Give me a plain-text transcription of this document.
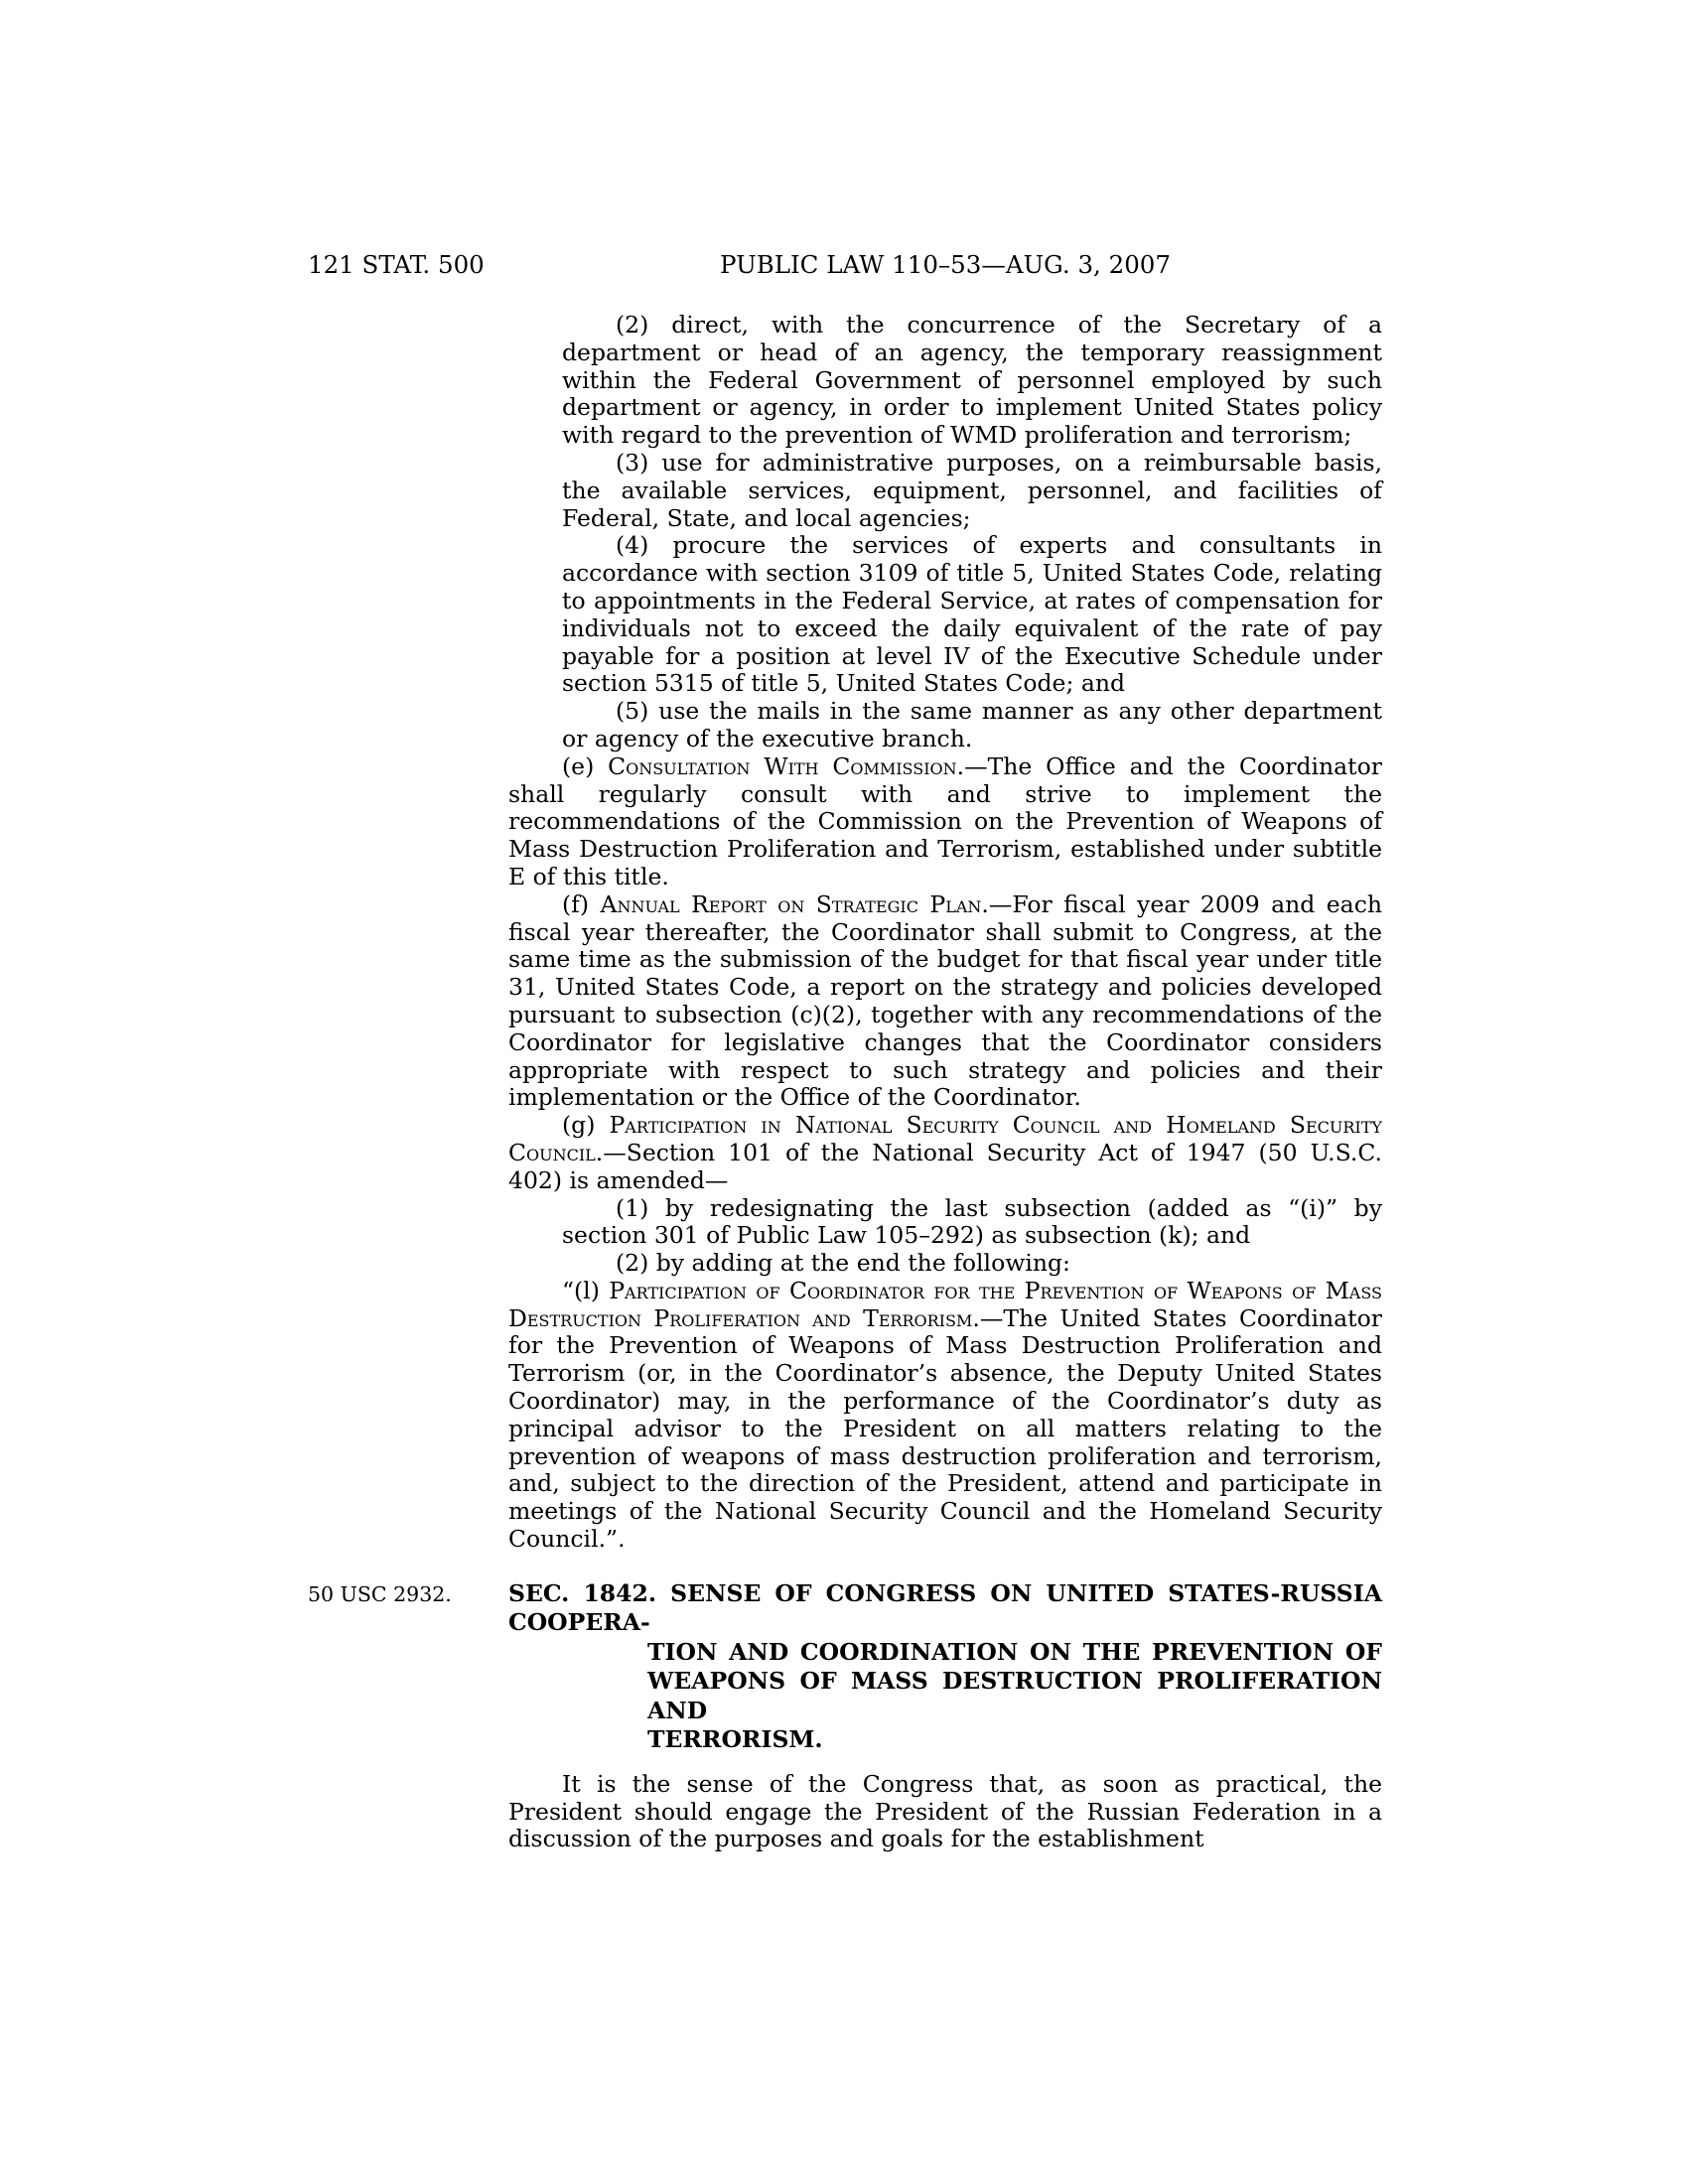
121 STAT. 500	PUBLIC LAW 110–53—AUG. 3, 2007

(2) direct, with the concurrence of the Secretary of a department or head of an agency, the temporary reassignment within the Federal Government of personnel employed by such department or agency, in order to implement United States policy with regard to the prevention of WMD proliferation and terrorism;

(3) use for administrative purposes, on a reimbursable basis, the available services, equipment, personnel, and facilities of Federal, State, and local agencies;

(4) procure the services of experts and consultants in accordance with section 3109 of title 5, United States Code, relating to appointments in the Federal Service, at rates of compensation for individuals not to exceed the daily equivalent of the rate of pay payable for a position at level IV of the Executive Schedule under section 5315 of title 5, United States Code; and

(5) use the mails in the same manner as any other department or agency of the executive branch.

(e) Consultation With Commission.—The Office and the Coordinator shall regularly consult with and strive to implement the recommendations of the Commission on the Prevention of Weapons of Mass Destruction Proliferation and Terrorism, established under subtitle E of this title.

(f) Annual Report on Strategic Plan.—For fiscal year 2009 and each fiscal year thereafter, the Coordinator shall submit to Congress, at the same time as the submission of the budget for that fiscal year under title 31, United States Code, a report on the strategy and policies developed pursuant to subsection (c)(2), together with any recommendations of the Coordinator for legislative changes that the Coordinator considers appropriate with respect to such strategy and policies and their implementation or the Office of the Coordinator.

(g) Participation in National Security Council and Homeland Security Council.—Section 101 of the National Security Act of 1947 (50 U.S.C. 402) is amended—

(1) by redesignating the last subsection (added as “(i)” by section 301 of Public Law 105–292) as subsection (k); and

(2) by adding at the end the following:

“(l) Participation of Coordinator for the Prevention of Weapons of Mass Destruction Proliferation and Terrorism.—The United States Coordinator for the Prevention of Weapons of Mass Destruction Proliferation and Terrorism (or, in the Coordinator’s absence, the Deputy United States Coordinator) may, in the performance of the Coordinator’s duty as principal advisor to the President on all matters relating to the prevention of weapons of mass destruction proliferation and terrorism, and, subject to the direction of the President, attend and participate in meetings of the National Security Council and the Homeland Security Council.”.

50 USC 2932.	SEC. 1842. SENSE OF CONGRESS ON UNITED STATES-RUSSIA COOPERA-
TION AND COORDINATION ON THE PREVENTION OF
WEAPONS OF MASS DESTRUCTION PROLIFERATION AND
TERRORISM.

It is the sense of the Congress that, as soon as practical, the President should engage the President of the Russian Federation in a discussion of the purposes and goals for the establishment
